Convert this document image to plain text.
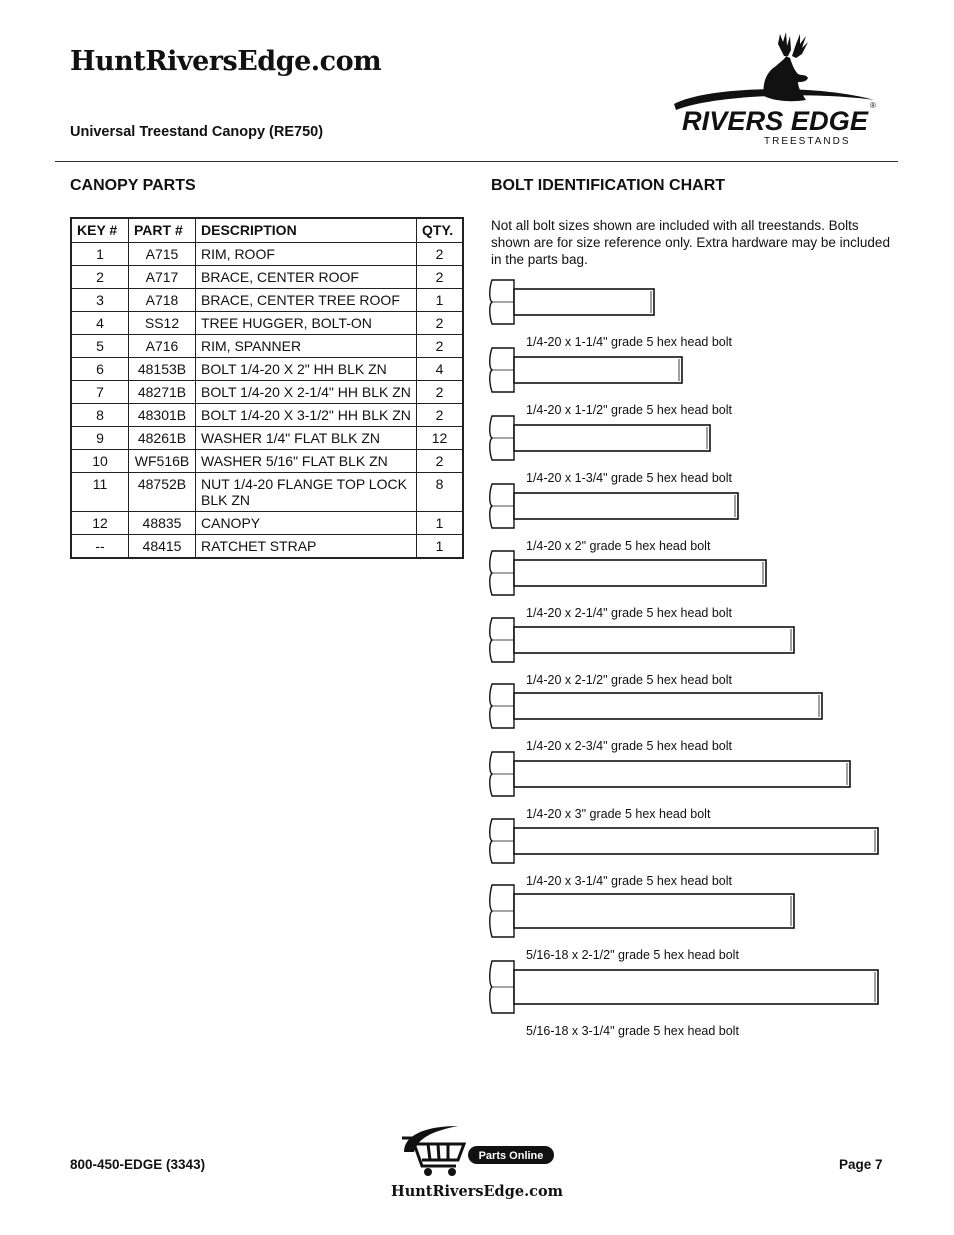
HuntRiversEdge.com
Universal Treestand Canopy (RE750)	RIVERS EDGE
®
TREESTANDS
CANOPY PARTS
KEY #	PART #	DESCRIPTION	QTY.
1	A715	RIM, ROOF	2
2	A717	BRACE, CENTER ROOF	2
3	A718	BRACE, CENTER TREE ROOF	1
4	SS12	TREE HUGGER, BOLT-ON	2
5	A716	RIM, SPANNER	2
6	48153B	BOLT 1/4-20 X 2" HH BLK ZN	4
7	48271B	BOLT 1/4-20 X 2-1/4" HH BLK ZN	2
8	48301B	BOLT 1/4-20 X 3-1/2" HH BLK ZN	2
9	48261B	WASHER 1/4" FLAT BLK ZN	12
10	WF516B	WASHER 5/16" FLAT BLK ZN	2
11	48752B	NUT 1/4-20 FLANGE TOP LOCK BLK ZN	8
12	48835	CANOPY	1
--	48415	RATCHET STRAP	1
BOLT IDENTIFICATION CHART

Not all bolt sizes shown are included with all treestands. Bolts shown are for size reference only. Extra hardware may be included in the parts bag.

1/4-20 x 1-1/4" grade 5 hex head bolt
1/4-20 x 1-1/2" grade 5 hex head bolt
1/4-20 x 1-3/4" grade 5 hex head bolt
1/4-20 x 2" grade 5 hex head bolt
1/4-20 x 2-1/4" grade 5 hex head bolt
1/4-20 x 2-1/2" grade 5 hex head bolt
1/4-20 x 2-3/4" grade 5 hex head bolt
1/4-20 x 3" grade 5 hex head bolt
1/4-20 x 3-1/4" grade 5 hex head bolt
5/16-18 x 2-1/2" grade 5 hex head bolt
5/16-18 x 3-1/4" grade 5 hex head bolt
800-450-EDGE (3343)
Parts Online
Page 7
HuntRiversEdge.com
